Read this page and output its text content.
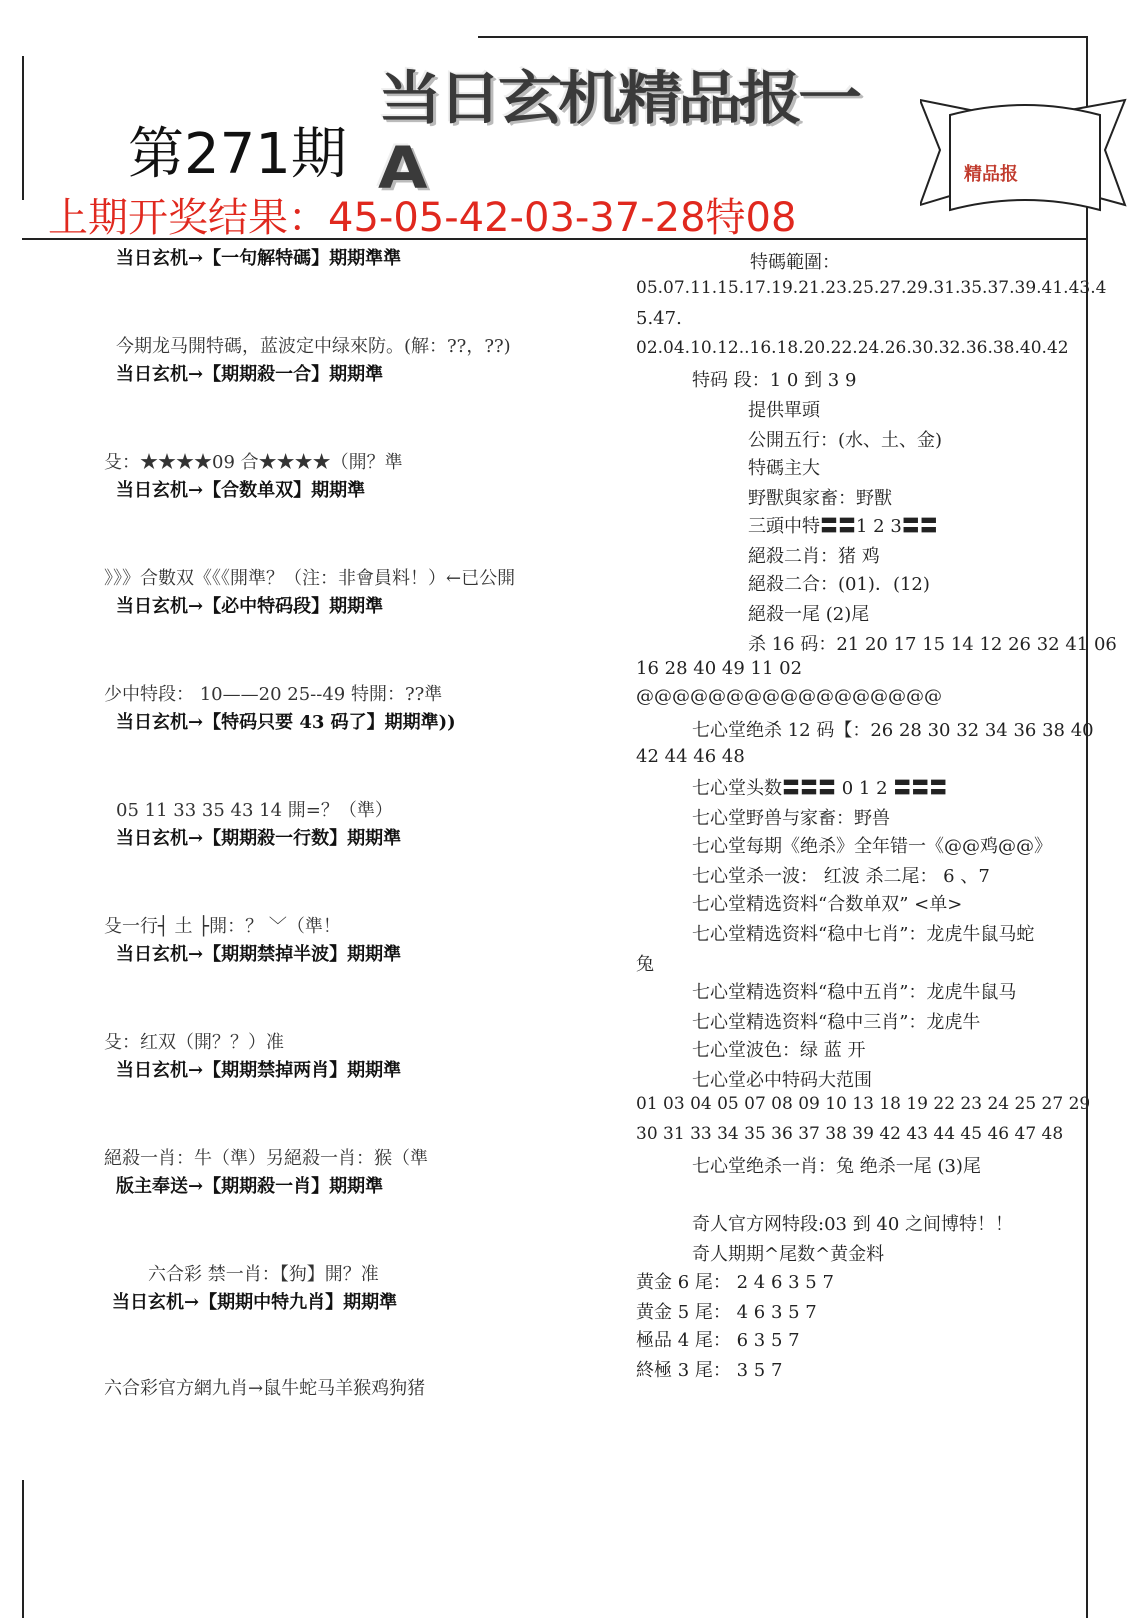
当日玄机精品报一A	精品报
第271期
上期开奖结果：45-05-42-03-37-28特08
当日玄机→【一句解特碼】期期準準
今期龙马開特碼，蓝波定中绿來防。(解：??，??)
当日玄机→【期期殺一合】期期準
殳：★★★★09 合★★★★（開？準
当日玄机→【合数单双】期期準
》》》合數双《《《開準？（注：非會員料！）←已公開
当日玄机→【必中特码段】期期準
少中特段： 10——20 25--49 特開：??準
当日玄机→【特码只要 43 码了】期期準))
05 11 33 35 43 14 開=？（準）
当日玄机→【期期殺一行数】期期準
殳一行┤ 土 ├開：？ ﹀（準！
当日玄机→【期期禁掉半波】期期準
殳：红双（開？？）准
当日玄机→【期期禁掉两肖】期期準
絕殺一肖：牛（準）另絕殺一肖：猴（準
版主奉送→【期期殺一肖】期期準
六合彩 禁一肖：【狗】開？准
当日玄机→【期期中特九肖】期期準
六合彩官方網九肖→鼠牛蛇马羊猴鸡狗猪
特碼範圍：
05.07.11.15.17.19.21.23.25.27.29.31.35.37.39.41.43.4
5.47.
02.04.10.12..16.18.20.22.24.26.30.32.36.38.40.42
特码 段：1 0 到 3 9
提供單頭
公開五行：(水、土、金)
特碼主大
野獸與家畜：野獸
三頭中特〓〓1 2 3〓〓
絕殺二肖：猪 鸡
絕殺二合：(01)．(12)
絕殺一尾 (2)尾
杀 16 码：21 20 17 15 14 12 26 32 41 06
16 28 40 49 11 02
@@@@@@@@@@@@@@@@@
七心堂绝杀 12 码【：26 28 30 32 34 36 38 40
42 44 46 48
七心堂头数〓〓〓 0 1 2 〓〓〓
七心堂野兽与家畜：野兽
七心堂每期《绝杀》全年错一《@@鸡@@》
七心堂杀一波： 红波 杀二尾： 6 、7
七心堂精选资料“合数单双” <单>
七心堂精选资料“稳中七肖”：龙虎牛鼠马蛇
兔
七心堂精选资料“稳中五肖”：龙虎牛鼠马
七心堂精选资料“稳中三肖”：龙虎牛
七心堂波色：绿 蓝 开
七心堂必中特码大范围
01 03 04 05 07 08 09 10 13 18 19 22 23 24 25 27 29
30 31 33 34 35 36 37 38 39 42 43 44 45 46 47 48
七心堂绝杀一肖：兔 绝杀一尾 (3)尾
奇人官方网特段:03 到 40 之间博特！！
奇人期期^尾数^黄金料
黄金 6 尾： 2 4 6 3 5 7
黄金 5 尾： 4 6 3 5 7
極品 4 尾： 6 3 5 7
終極 3 尾： 3 5 7
